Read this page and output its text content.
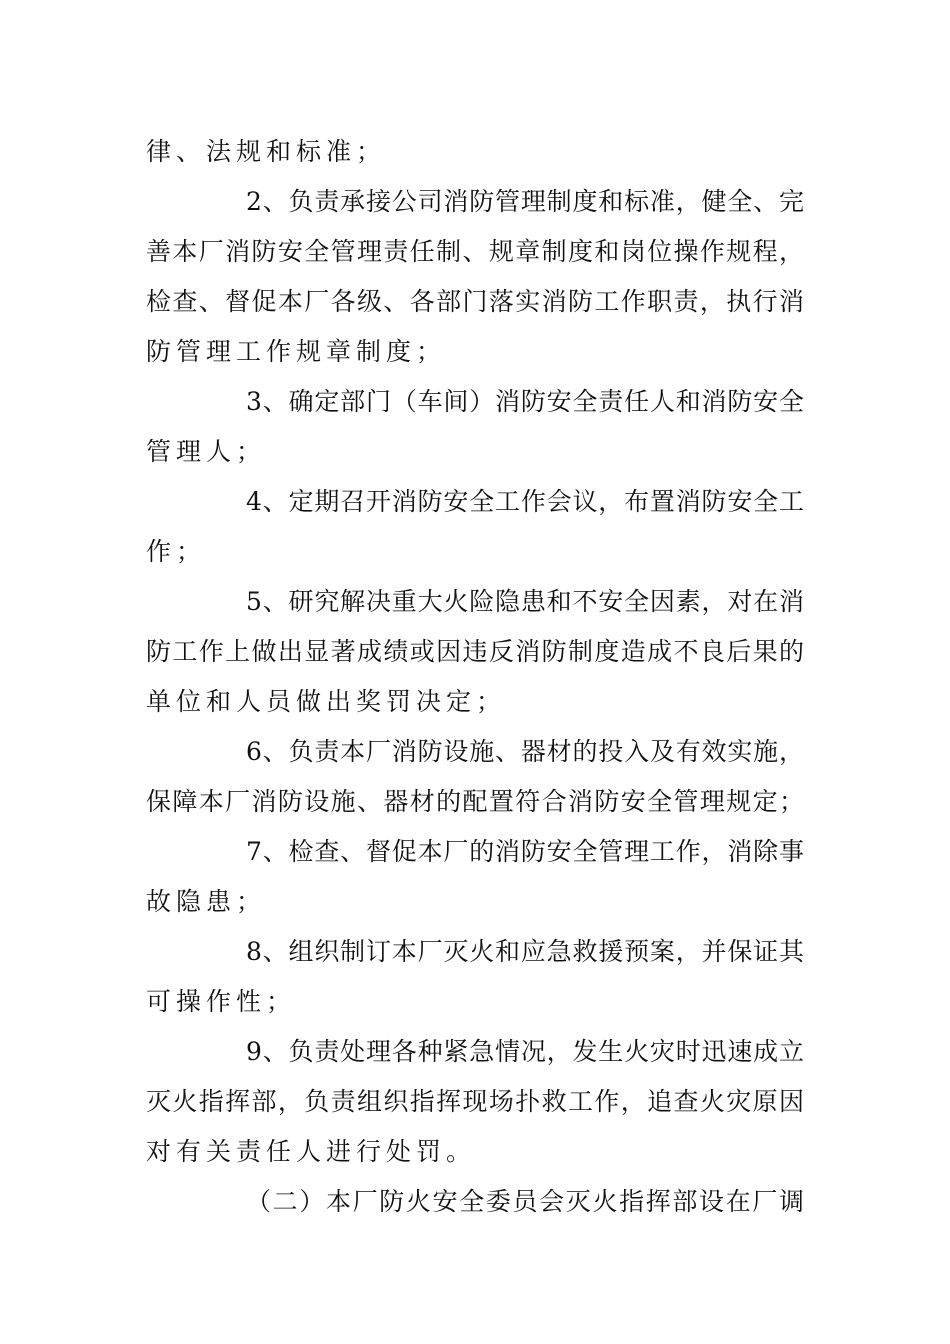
律、法规和标准；
2、负责承接公司消防管理制度和标准，健全、完
善本厂消防安全管理责任制、规章制度和岗位操作规程，
检查、督促本厂各级、各部门落实消防工作职责，执行消
防管理工作规章制度；
3、确定部门（车间）消防安全责任人和消防安全
管理人；
4、定期召开消防安全工作会议，布置消防安全工
作；
5、研究解决重大火险隐患和不安全因素，对在消
防工作上做出显著成绩或因违反消防制度造成不良后果的
单位和人员做出奖罚决定；
6、负责本厂消防设施、器材的投入及有效实施，
保障本厂消防设施、器材的配置符合消防安全管理规定；
7、检查、督促本厂的消防安全管理工作，消除事
故隐患；
8、组织制订本厂灭火和应急救援预案，并保证其
可操作性；
9、负责处理各种紧急情况，发生火灾时迅速成立
灭火指挥部，负责组织指挥现场扑救工作，追查火灾原因
对有关责任人进行处罚。
（二）本厂防火安全委员会灭火指挥部设在厂调
